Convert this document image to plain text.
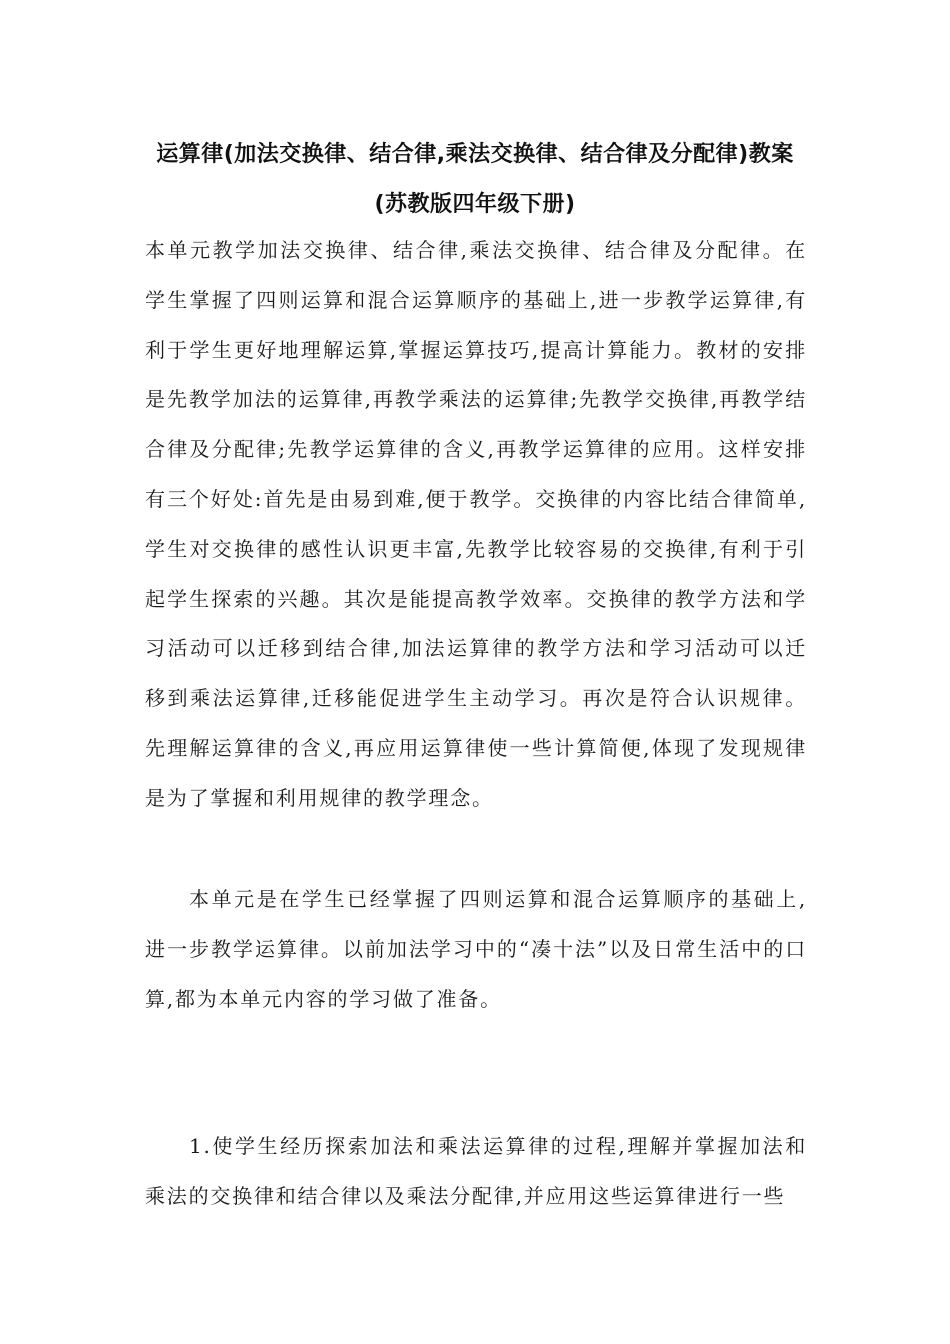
运算律(加法交换律、结合律,乘法交换律、结合律及分配律)教案
(苏教版四年级下册)

本单元教学加法交换律、结合律,乘法交换律、结合律及分配律。在学生掌握了四则运算和混合运算顺序的基础上,进一步教学运算律,有利于学生更好地理解运算,掌握运算技巧,提高计算能力。教材的安排是先教学加法的运算律,再教学乘法的运算律;先教学交换律,再教学结合律及分配律;先教学运算律的含义,再教学运算律的应用。这样安排有三个好处:首先是由易到难,便于教学。交换律的内容比结合律简单,学生对交换律的感性认识更丰富,先教学比较容易的交换律,有利于引起学生探索的兴趣。其次是能提高教学效率。交换律的教学方法和学习活动可以迁移到结合律,加法运算律的教学方法和学习活动可以迁移到乘法运算律,迁移能促进学生主动学习。再次是符合认识规律。先理解运算律的含义,再应用运算律使一些计算简便,体现了发现规律是为了掌握和利用规律的教学理念。

本单元是在学生已经掌握了四则运算和混合运算顺序的基础上,进一步教学运算律。以前加法学习中的“凑十法”以及日常生活中的口算,都为本单元内容的学习做了准备。

1.使学生经历探索加法和乘法运算律的过程,理解并掌握加法和乘法的交换律和结合律以及乘法分配律,并应用这些运算律进行一些
